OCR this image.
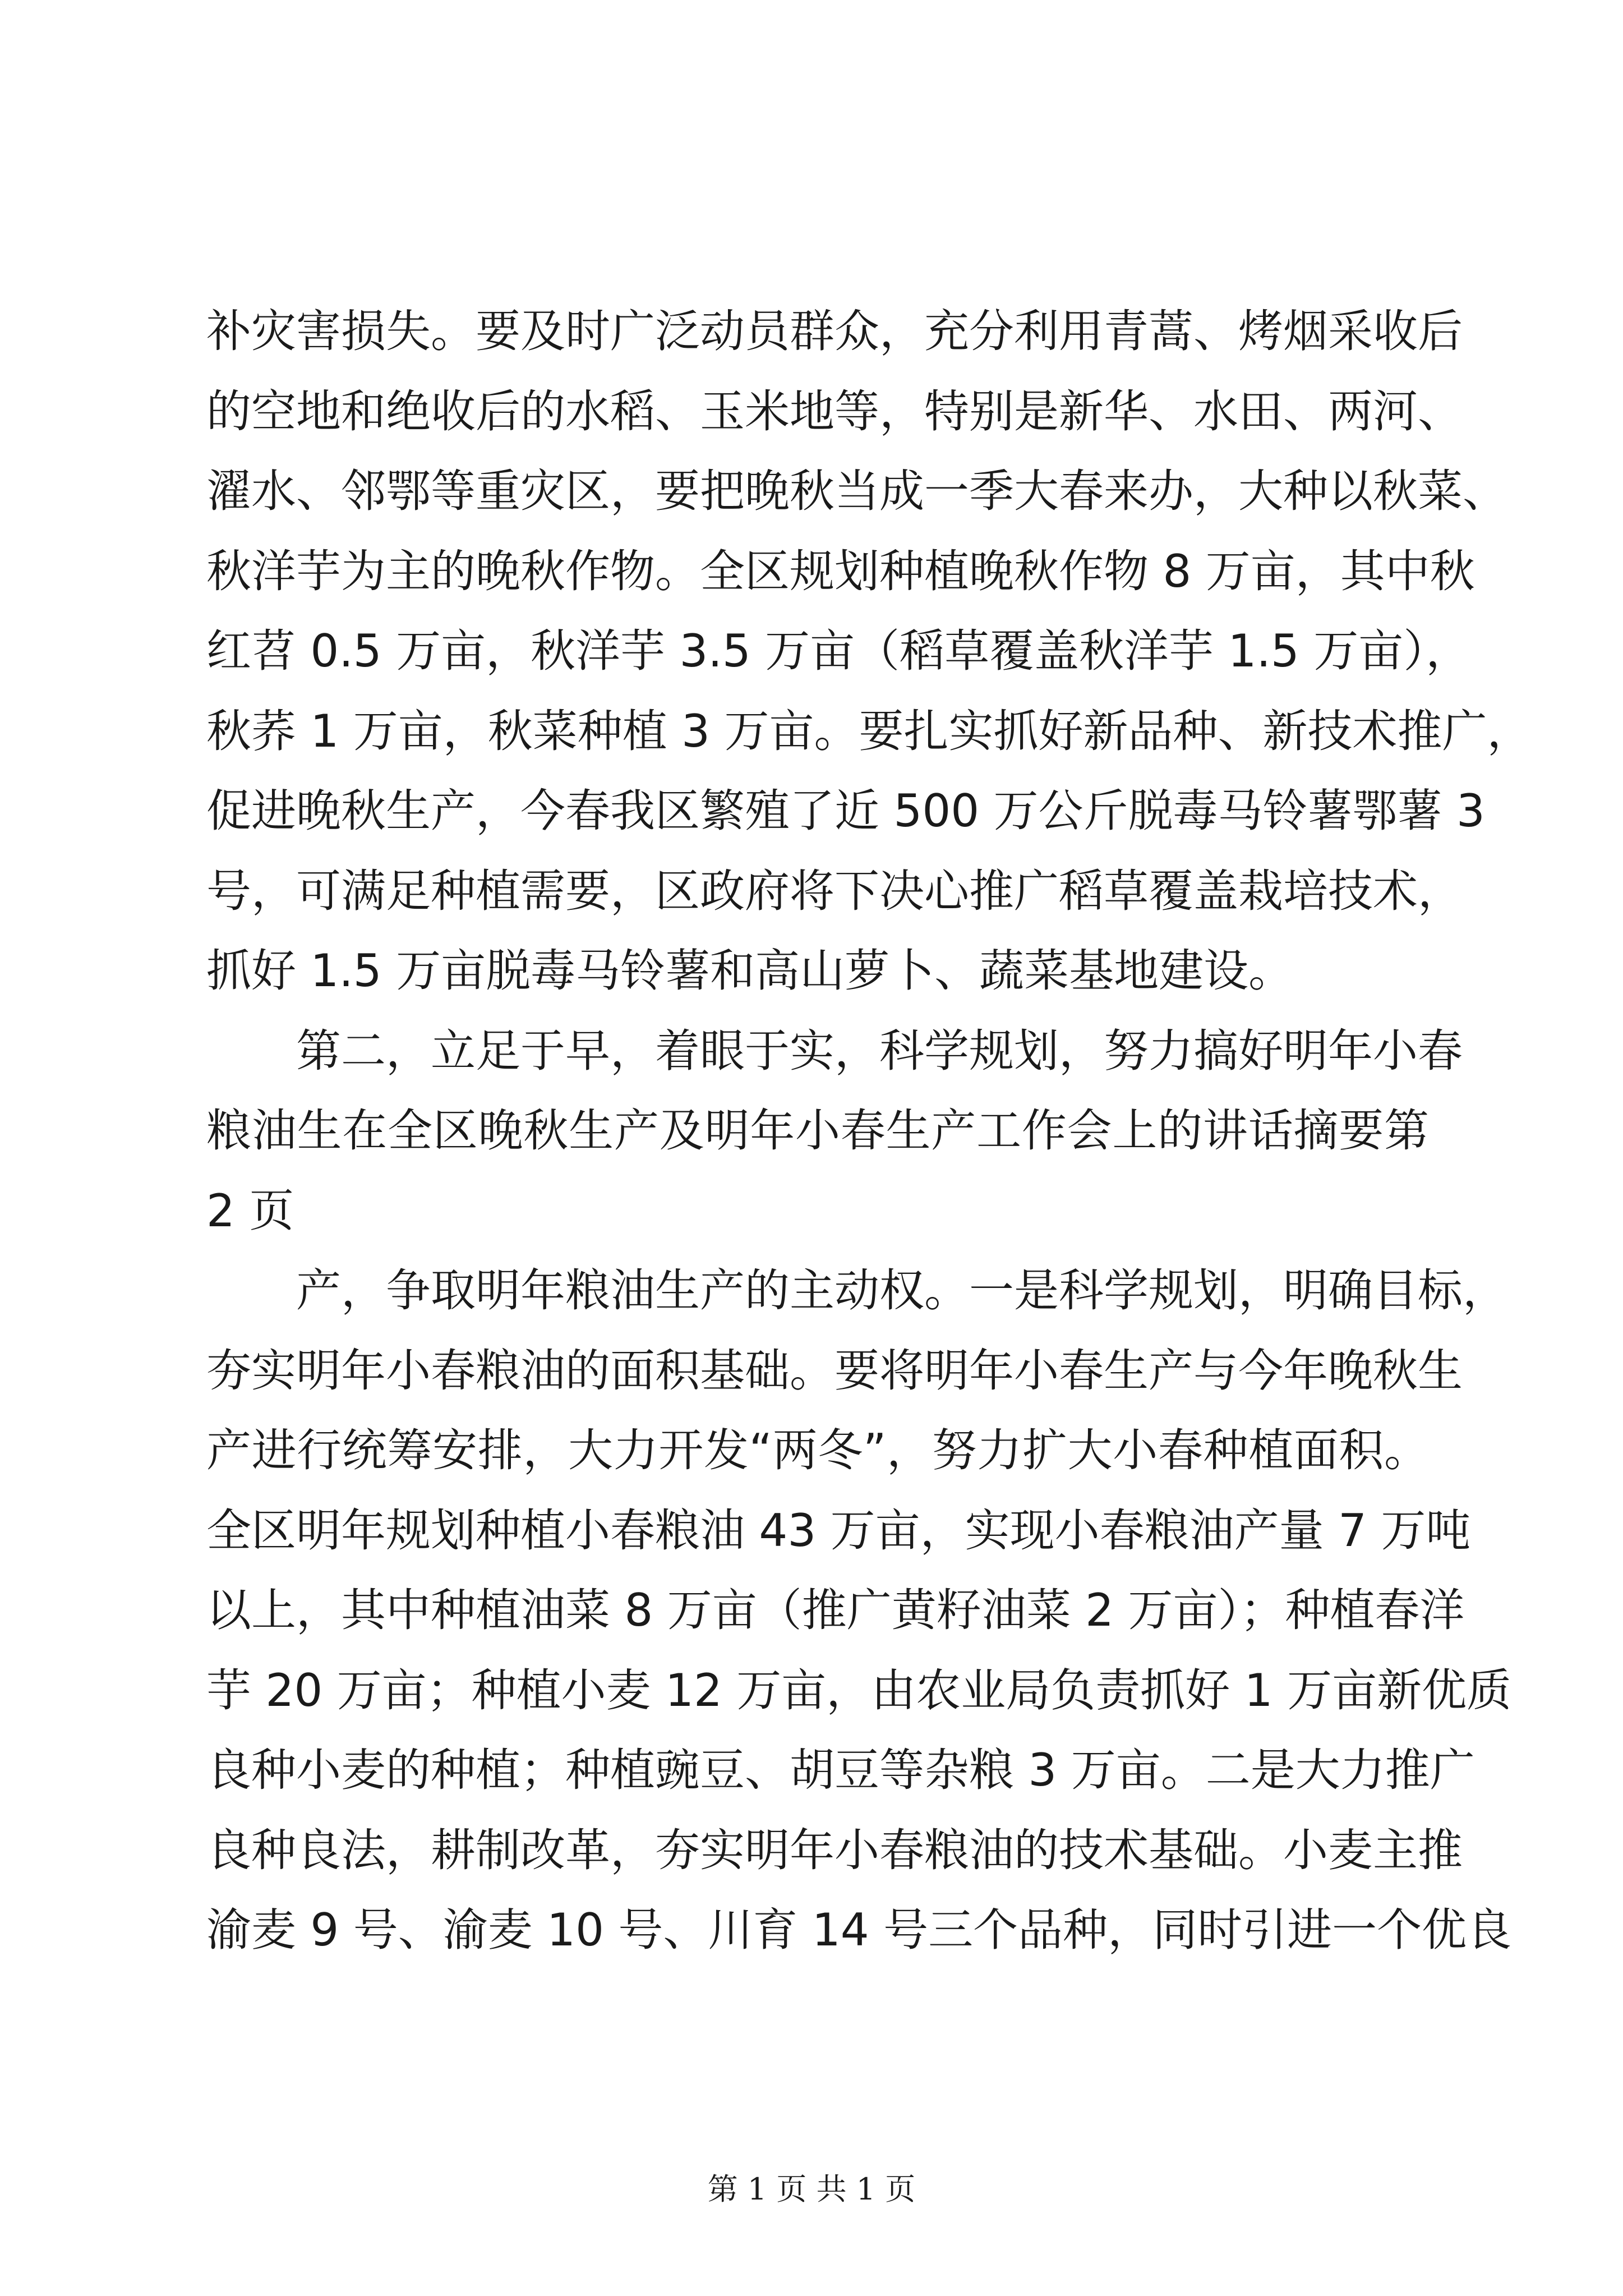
补灾害损失。要及时广泛动员群众，充分利用青蒿、烤烟采收后
的空地和绝收后的水稻、玉米地等，特别是新华、水田、两河、
濯水、邻鄂等重灾区，要把晚秋当成一季大春来办，大种以秋菜、
秋洋芋为主的晚秋作物。全区规划种植晚秋作物 8 万亩，其中秋
红苕 0.5 万亩，秋洋芋 3.5 万亩（稻草覆盖秋洋芋 1.5 万亩），
秋荞 1 万亩，秋菜种植 3 万亩。要扎实抓好新品种、新技术推广，
促进晚秋生产，今春我区繁殖了近 500 万公斤脱毒马铃薯鄂薯 3
号，可满足种植需要，区政府将下决心推广稻草覆盖栽培技术，
抓好 1.5 万亩脱毒马铃薯和高山萝卜、蔬菜基地建设。
第二，立足于早，着眼于实，科学规划，努力搞好明年小春
粮油生在全区晚秋生产及明年小春生产工作会上的讲话摘要第
2 页
产，争取明年粮油生产的主动权。一是科学规划，明确目标，
夯实明年小春粮油的面积基础。要将明年小春生产与今年晚秋生
产进行统筹安排，大力开发“两冬”，努力扩大小春种植面积。
全区明年规划种植小春粮油 43 万亩，实现小春粮油产量 7 万吨
以上，其中种植油菜 8 万亩（推广黄籽油菜 2 万亩）；种植春洋
芋 20 万亩；种植小麦 12 万亩，由农业局负责抓好 1 万亩新优质
良种小麦的种植；种植豌豆、胡豆等杂粮 3 万亩。二是大力推广
良种良法，耕制改革，夯实明年小春粮油的技术基础。小麦主推
渝麦 9 号、渝麦 10 号、川育 14 号三个品种，同时引进一个优良
第 1 页 共 1 页
